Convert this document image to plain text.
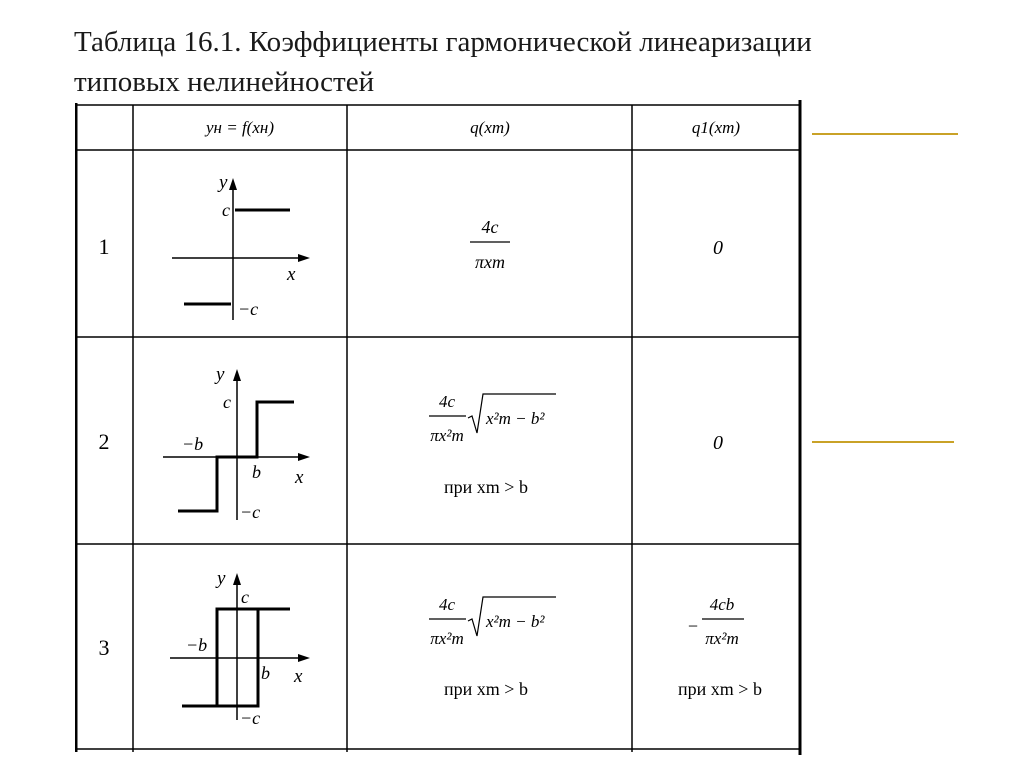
Таблица 16.1. Коэффициенты гармонической линеаризации
типовых нелинейностей
yн = f(xн)	q(xm)	q1(xm)
1
y
x
c
−c
4c
πxm
0
2
y
x
c
−c
b
−b
4c
πx²m
x²m − b²
при xm > b
0
3
y
x
c
−c
b
−b
4c
πx²m
x²m − b²
при xm > b
−
4cb
πx²m
при xm > b
